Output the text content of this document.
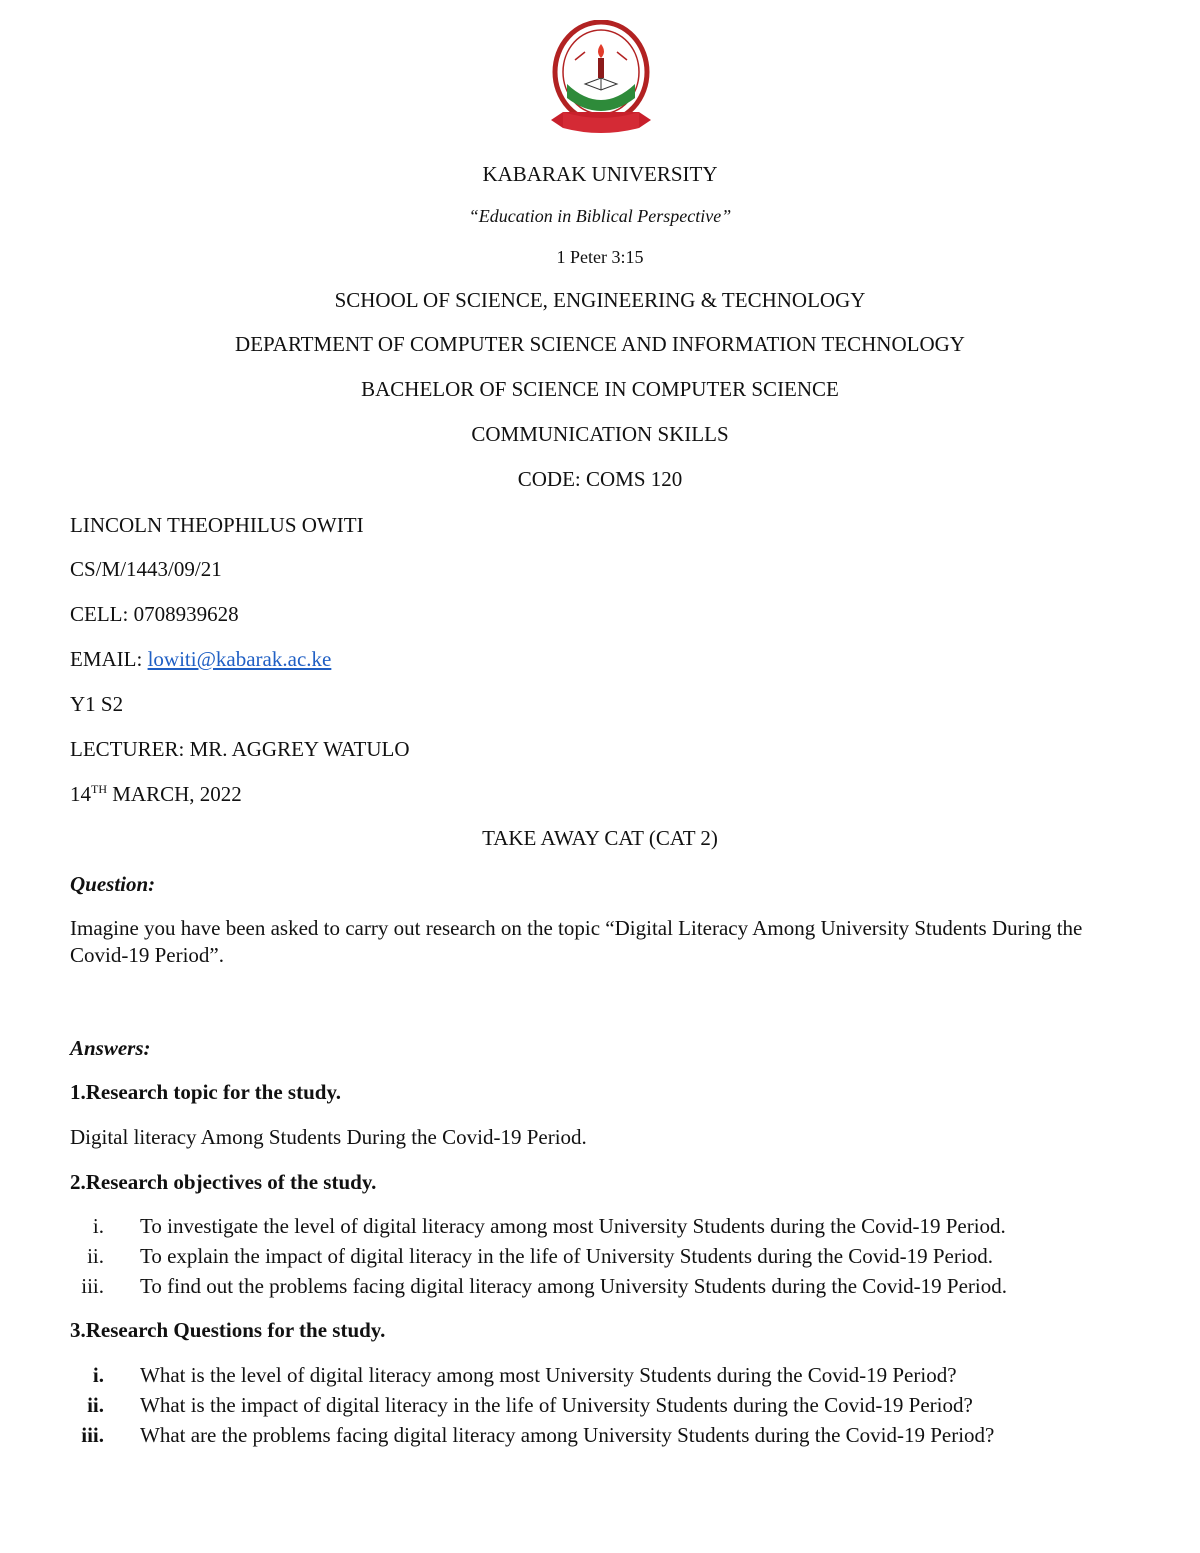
KABARAK UNIVERSITY
“Education in Biblical Perspective”
1 Peter 3:15
SCHOOL OF SCIENCE, ENGINEERING & TECHNOLOGY
DEPARTMENT OF COMPUTER SCIENCE AND INFORMATION TECHNOLOGY
BACHELOR OF SCIENCE IN COMPUTER SCIENCE
COMMUNICATION SKILLS
CODE: COMS 120
LINCOLN THEOPHILUS OWITI
CS/M/1443/09/21
CELL: 0708939628
EMAIL: lowiti@kabarak.ac.ke
Y1 S2
LECTURER: MR. AGGREY WATULO
14TH MARCH, 2022
TAKE AWAY CAT (CAT 2)
Question:
Imagine you have been asked to carry out research on the topic “Digital Literacy Among University Students During the Covid-19 Period”.
Answers:
1.Research topic for the study.
Digital literacy Among Students During the Covid-19 Period.
2.Research objectives of the study.
i. To investigate the level of digital literacy among most University Students during the Covid-19 Period.
ii. To explain the impact of digital literacy in the life of University Students during the Covid-19 Period.
iii. To find out the problems facing digital literacy among University Students during the Covid-19 Period.
3.Research Questions for the study.
i. What is the level of digital literacy among most University Students during the Covid-19 Period?
ii. What is the impact of digital literacy in the life of University Students during the Covid-19 Period?
iii. What are the problems facing digital literacy among University Students during the Covid-19 Period?
